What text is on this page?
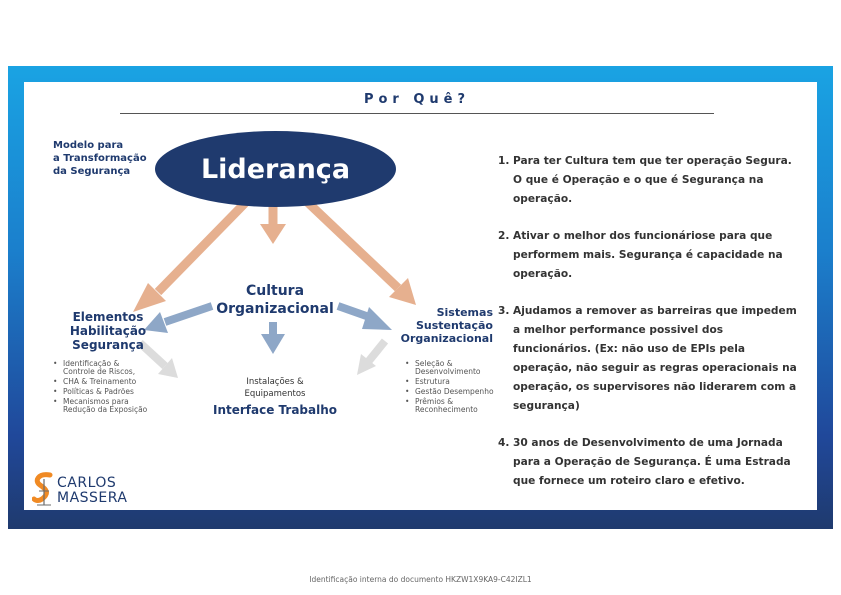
Por Quê?
Modelo para
a Transformação
da Segurança	Liderança
Cultura
Organizacional
Elementos
Habilitação
Segurança
• Identificação & Controle de Riscos,
• CHA & Treinamento
• Políticas & Padrões
• Mecanismos para Redução da Exposição
Sistemas
Sustentação
Organizacional
• Seleção & Desenvolvimento
• Estrutura
• Gestão Desempenho
• Prêmios & Reconhecimento
Instalações &
Equipamentos
Interface Trabalho
1. Para ter Cultura tem que ter operação Segura. O que é Operação e o que é Segurança na operação.
2. Ativar o melhor dos funcionáriose para que performem mais. Segurança é capacidade na operação.
3. Ajudamos a remover as barreiras que impedem a melhor performance possivel dos funcionários. (Ex: não uso de EPIs pela operação, não seguir as regras operacionais na operação, os supervisores não liderarem com a segurança)
4. 30 anos de Desenvolvimento de uma Jornada para a Operação de Segurança. É uma Estrada que fornece um roteiro claro e efetivo.
CARLOS
MASSERA
Identificação interna do documento HKZW1X9KA9-C42IZL1
